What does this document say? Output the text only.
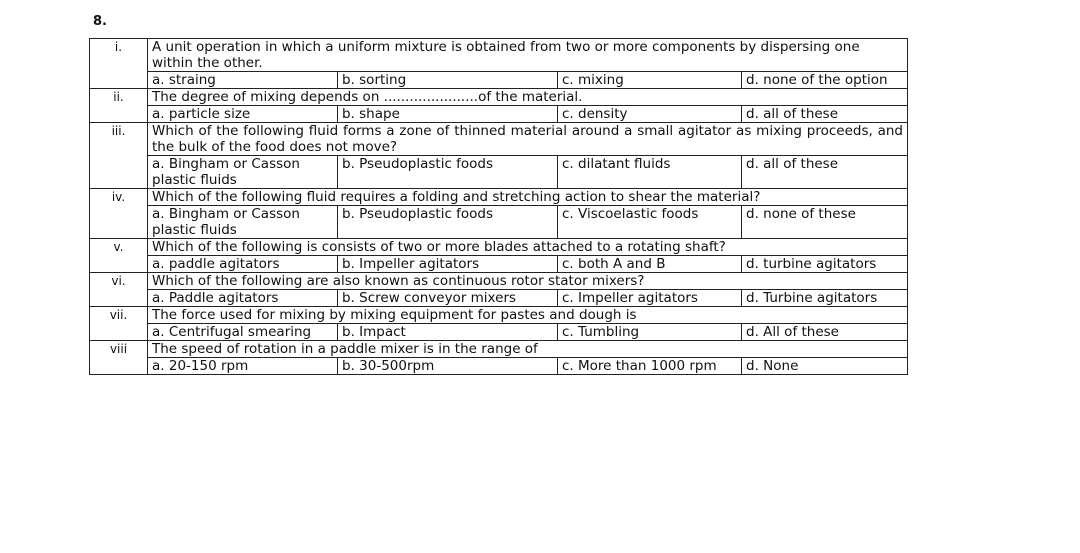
8.
i.	A unit operation in which a uniform mixture is obtained from two or more components by dispersing one within the other.			
	a. straing	b. sorting	c. mixing	d. none of the option
ii.	The degree of mixing depends on ......................of the material.			
	a. particle size	b. shape	c. density	d. all of these
iii.	Which of the following fluid forms a zone of thinned material around a small agitator as mixing proceeds, and the bulk of the food does not move?			
	a. Bingham or Casson plastic fluids	b. Pseudoplastic foods	c. dilatant fluids	d. all of these
iv.	Which of the following fluid requires a folding and stretching action to shear the material?			
	a. Bingham or Casson plastic fluids	b. Pseudoplastic foods	c. Viscoelastic foods	d. none of these
v.	Which of the following is consists of two or more blades attached to a rotating shaft?			
	a. paddle agitators	b. Impeller agitators	c. both A and B	d. turbine agitators
vi.	Which of the following are also known as continuous rotor stator mixers?			
	a. Paddle agitators	b. Screw conveyor mixers	c. Impeller agitators	d. Turbine agitators
vii.	The force used for mixing by mixing equipment for pastes and dough is			
	a. Centrifugal smearing	b. Impact	c. Tumbling	d. All of these
viii	The speed of rotation in a paddle mixer is in the range of			
	a. 20-150 rpm	b. 30-500rpm	c. More than 1000 rpm	d. None
